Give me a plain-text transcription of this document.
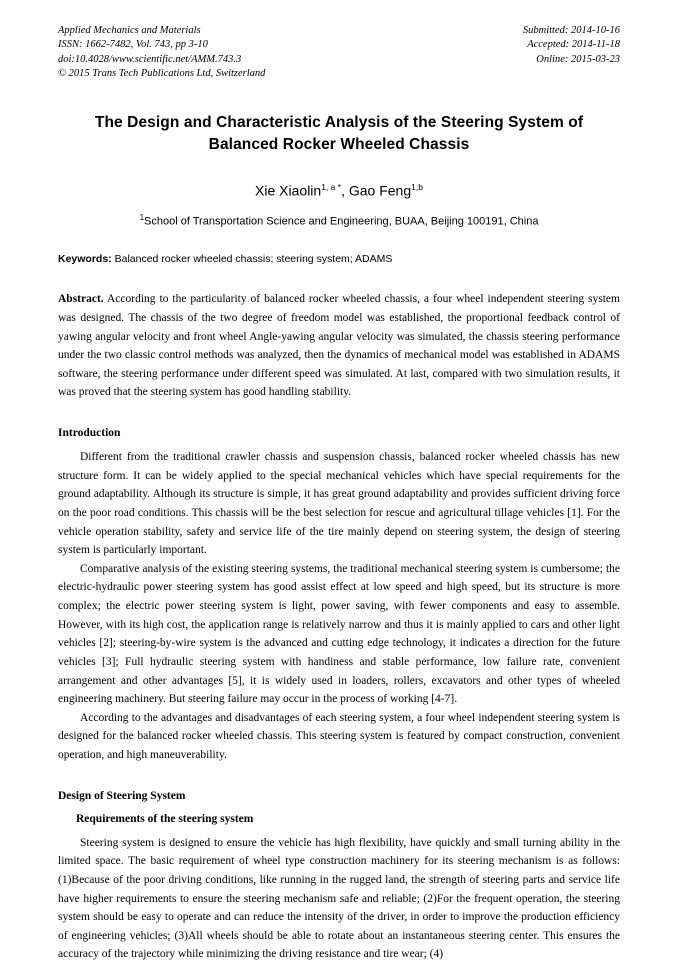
Applied Mechanics and Materials
ISSN: 1662-7482, Vol. 743, pp 3-10
doi:10.4028/www.scientific.net/AMM.743.3
© 2015 Trans Tech Publications Ltd, Switzerland
Submitted: 2014-10-16
Accepted: 2014-11-18
Online: 2015-03-23
The Design and Characteristic Analysis of the Steering System of Balanced Rocker Wheeled Chassis
Xie Xiaolin$^{1, a *}$, Gao Feng$^{1,b}$
$^1$School of Transportation Science and Engineering, BUAA, Beijing 100191, China
Keywords: Balanced rocker wheeled chassis; steering system; ADAMS
Abstract. According to the particularity of balanced rocker wheeled chassis, a four wheel independent steering system was designed. The chassis of the two degree of freedom model was established, the proportional feedback control of yawing angular velocity and front wheel Angle-yawing angular velocity was simulated, the chassis steering performance under the two classic control methods was analyzed, then the dynamics of mechanical model was established in ADAMS software, the steering performance under different speed was simulated. At last, compared with two simulation results, it was proved that the steering system has good handling stability.
Introduction

Different from the traditional crawler chassis and suspension chassis, balanced rocker wheeled chassis has new structure form. It can be widely applied to the special mechanical vehicles which have special requirements for the ground adaptability. Although its structure is simple, it has great ground adaptability and provides sufficient driving force on the poor road conditions. This chassis will be the best selection for rescue and agricultural tillage vehicles [1]. For the vehicle operation stability, safety and service life of the tire mainly depend on steering system, the design of steering system is particularly important.

Comparative analysis of the existing steering systems, the traditional mechanical steering system is cumbersome; the electric-hydraulic power steering system has good assist effect at low speed and high speed, but its structure is more complex; the electric power steering system is light, power saving, with fewer components and easy to assemble. However, with its high cost, the application range is relatively narrow and thus it is mainly applied to cars and other light vehicles [2]; steering-by-wire system is the advanced and cutting edge technology, it indicates a direction for the future vehicles [3]; Full hydraulic steering system with handiness and stable performance, low failure rate, convenient arrangement and other advantages [5], it is widely used in loaders, rollers, excavators and other types of wheeled engineering machinery. But steering failure may occur in the process of working [4-7].

According to the advantages and disadvantages of each steering system, a four wheel independent steering system is designed for the balanced rocker wheeled chassis. This steering system is featured by compact construction, convenient operation, and high maneuverability.

Design of Steering System
Requirements of the steering system

Steering system is designed to ensure the vehicle has high flexibility, have quickly and small turning ability in the limited space. The basic requirement of wheel type construction machinery for its steering mechanism is as follows:(1)Because of the poor driving conditions, like running in the rugged land, the strength of steering parts and service life have higher requirements to ensure the steering mechanism safe and reliable; (2)For the frequent operation, the steering system should be easy to operate and can reduce the intensity of the driver, in order to improve the production efficiency of engineering vehicles; (3)All wheels should be able to rotate about an instantaneous steering center. This ensures the accuracy of the trajectory while minimizing the driving resistance and tire wear; (4)
